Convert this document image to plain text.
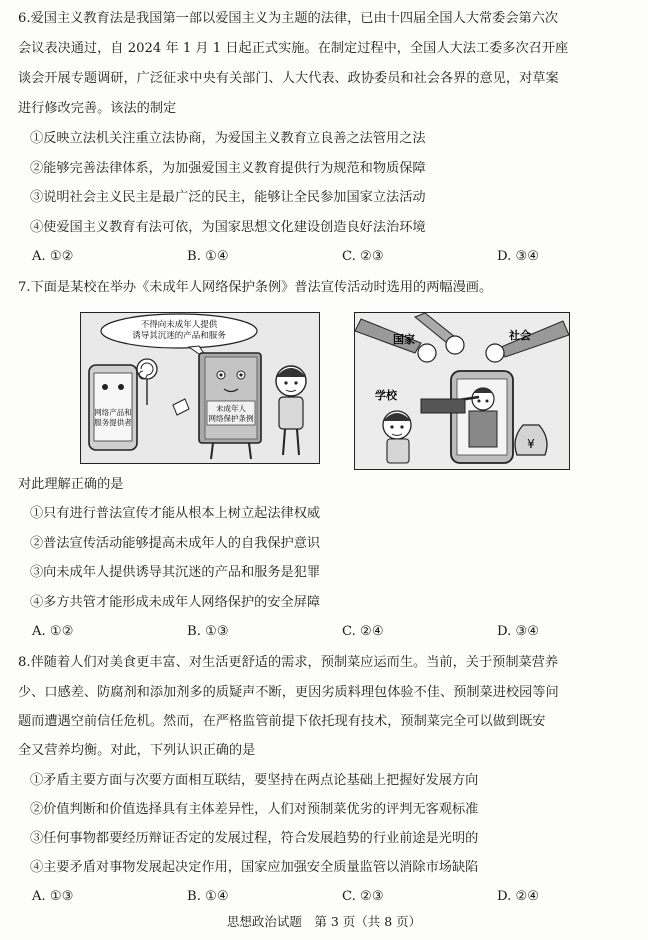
6.爱国主义教育法是我国第一部以爱国主义为主题的法律，已由十四届全国人大常委会第六次
会议表决通过，自 2024 年 1 月 1 日起正式实施。在制定过程中，全国人大法工委多次召开座
谈会开展专题调研，广泛征求中央有关部门、人大代表、政协委员和社会各界的意见，对草案
进行修改完善。该法的制定
①反映立法机关注重立法协商，为爱国主义教育立良善之法管用之法
②能够完善法律体系，为加强爱国主义教育提供行为规范和物质保障
③说明社会主义民主是最广泛的民主，能够让全民参加国家立法活动
④使爱国主义教育有法可依，为国家思想文化建设创造良好法治环境
A. ①②	B. ①④	C. ②③	D. ③④
7.下面是某校在举办《未成年人网络保护条例》普法宣传活动时选用的两幅漫画。
不得向未成年人提供
诱导其沉迷的产品和服务
网络产品和
服务提供者
未成年人
网络保护条例
国家	社会
学校
¥
对此理解正确的是
①只有进行普法宣传才能从根本上树立起法律权威
②普法宣传活动能够提高未成年人的自我保护意识
③向未成年人提供诱导其沉迷的产品和服务是犯罪
④多方共管才能形成未成年人网络保护的安全屏障
A. ①②	B. ①③	C. ②④	D. ③④
8.伴随着人们对美食更丰富、对生活更舒适的需求，预制菜应运而生。当前，关于预制菜营养
少、口感差、防腐剂和添加剂多的质疑声不断，更因劣质料理包体验不佳、预制菜进校园等问
题而遭遇空前信任危机。然而，在严格监管前提下依托现有技术，预制菜完全可以做到既安
全又营养均衡。对此，下列认识正确的是
①矛盾主要方面与次要方面相互联结，要坚持在两点论基础上把握好发展方向
②价值判断和价值选择具有主体差异性，人们对预制菜优劣的评判无客观标准
③任何事物都要经历辩证否定的发展过程，符合发展趋势的行业前途是光明的
④主要矛盾对事物发展起决定作用，国家应加强安全质量监管以消除市场缺陷
A. ①③	B. ①④	C. ②③	D. ②④
思想政治试题　第 3 页（共 8 页）
